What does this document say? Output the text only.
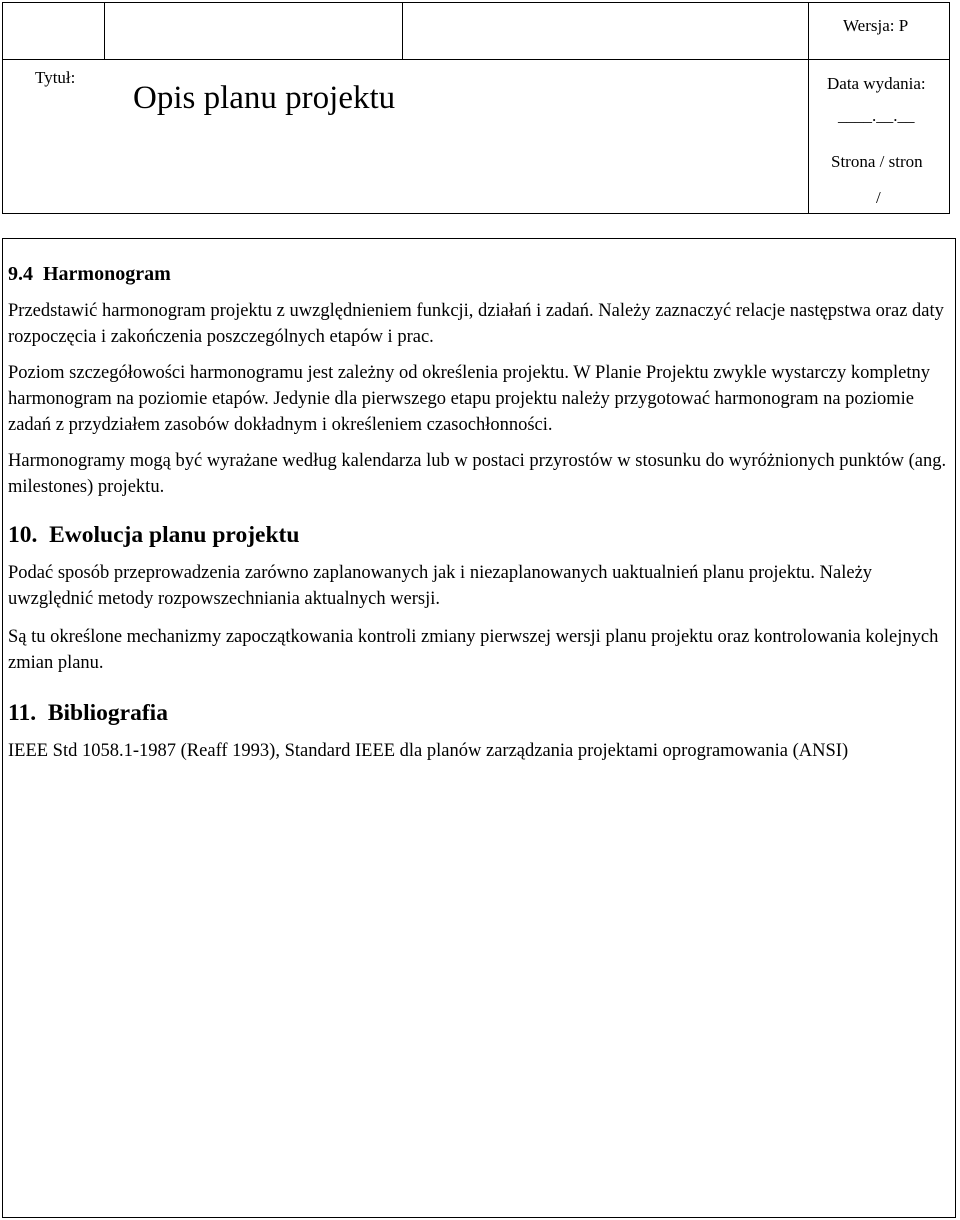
Wersja: P
Tytuł:
Opis planu projektu	Data wydania:
____.__.__
Strona / stron
/
9.4  Harmonogram

Przedstawić harmonogram projektu z uwzględnieniem funkcji, działań i zadań. Należy zaznaczyć relacje następstwa oraz daty rozpoczęcia i zakończenia poszczególnych etapów i prac.

Poziom szczegółowości harmonogramu jest zależny od określenia projektu. W Planie Projektu zwykle wystarczy kompletny harmonogram na poziomie etapów. Jedynie dla pierwszego etapu projektu należy przygotować harmonogram na poziomie zadań z przydziałem zasobów dokładnym i określeniem czasochłonności.

Harmonogramy mogą być wyrażane według kalendarza lub w postaci przyrostów w stosunku do wyróżnionych punktów (ang. milestones) projektu.

10.  Ewolucja planu projektu

Podać sposób przeprowadzenia zarówno zaplanowanych jak i niezaplanowanych uaktualnień planu projektu. Należy uwzględnić metody rozpowszechniania aktualnych wersji.

Są tu określone mechanizmy zapoczątkowania kontroli zmiany pierwszej wersji planu projektu oraz kontrolowania kolejnych zmian planu.

11.  Bibliografia

IEEE Std 1058.1-1987 (Reaff 1993), Standard IEEE dla planów zarządzania projektami oprogramowania (ANSI)
